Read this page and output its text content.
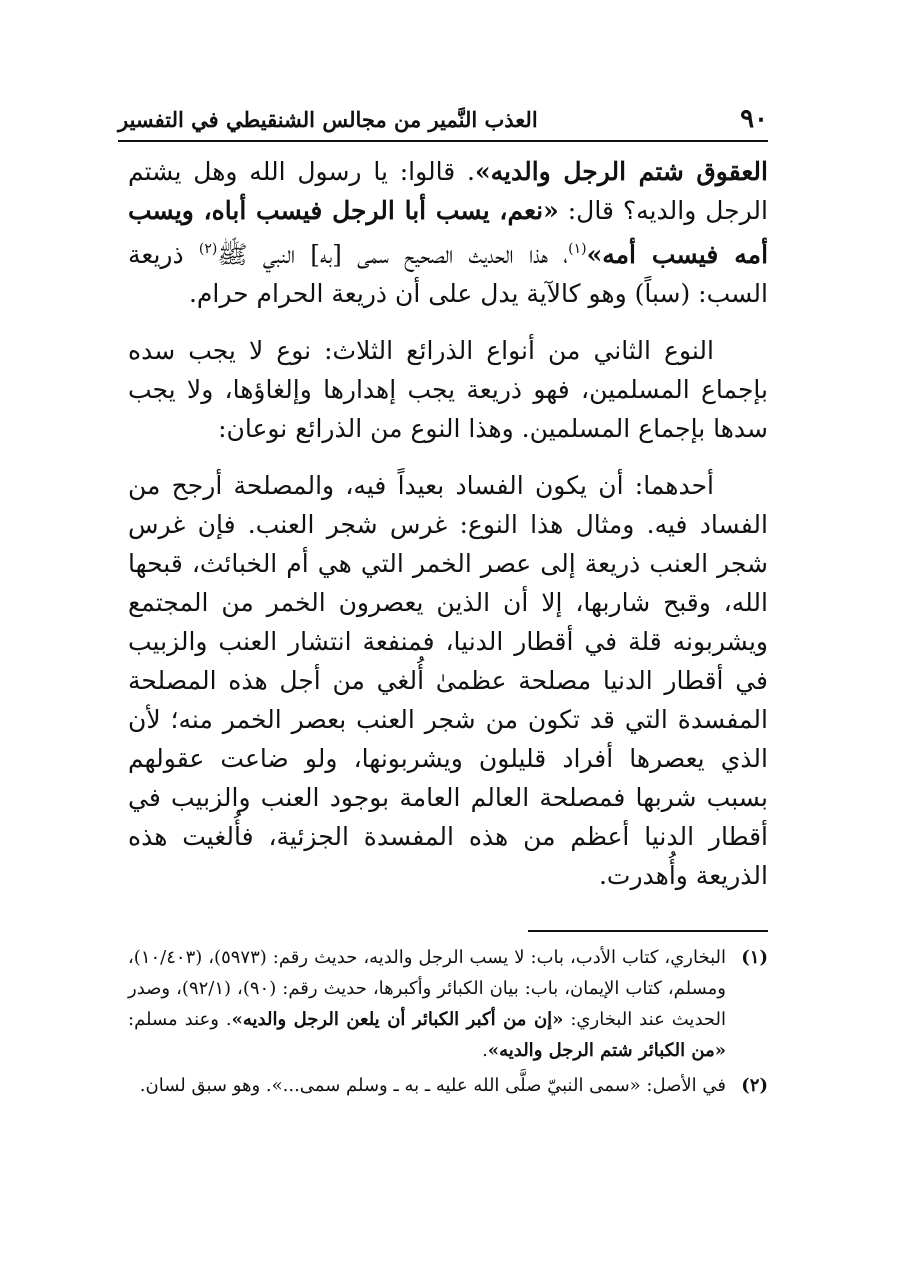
٩٠
العذب النَّمير من مجالس الشنقيطي في التفسير

العقوق شتم الرجل والديه». قالوا: يا رسول الله وهل يشتم الرجل والديه؟ قال: «نعم، يسب أبا الرجل فيسب أباه، ويسب أمه فيسب أمه»$^{(١)}$، هذا الحديث الصحيح سمى [به] النبي ﷺ$^{(٢)}$ ذريعة السب: (سباً) وهو كالآية يدل على أن ذريعة الحرام حرام.

النوع الثاني من أنواع الذرائع الثلاث: نوع لا يجب سده بإجماع المسلمين، فهو ذريعة يجب إهدارها وإلغاؤها، ولا يجب سدها بإجماع المسلمين. وهذا النوع من الذرائع نوعان:

أحدهما: أن يكون الفساد بعيداً فيه، والمصلحة أرجح من الفساد فيه. ومثال هذا النوع: غرس شجر العنب. فإن غرس شجر العنب ذريعة إلى عصر الخمر التي هي أم الخبائث، قبحها الله، وقبح شاربها، إلا أن الذين يعصرون الخمر من المجتمع ويشربونه قلة في أقطار الدنيا، فمنفعة انتشار العنب والزبيب في أقطار الدنيا مصلحة عظمىٰ أُلغي من أجل هذه المصلحة المفسدة التي قد تكون من شجر العنب بعصر الخمر منه؛ لأن الذي يعصرها أفراد قليلون ويشربونها، ولو ضاعت عقولهم بسبب شربها فمصلحة العالم العامة بوجود العنب والزبيب في أقطار الدنيا أعظم من هذه المفسدة الجزئية، فأُلغيت هذه الذريعة وأُهدرت.

(١)
البخاري، كتاب الأدب، باب: لا يسب الرجل والديه، حديث رقم: (٥٩٧٣)، (١٠/٤٠٣)، ومسلم، كتاب الإيمان، باب: بيان الكبائر وأكبرها، حديث رقم: (٩٠)، (٩٢/١)، وصدر الحديث عند البخاري: «إن من أكبر الكبائر أن يلعن الرجل والديه». وعند مسلم: «من الكبائر شتم الرجل والديه».
(٢)
في الأصل: «سمى النبيّ صلَّى الله عليه ـ به ـ وسلم سمى...». وهو سبق لسان.
